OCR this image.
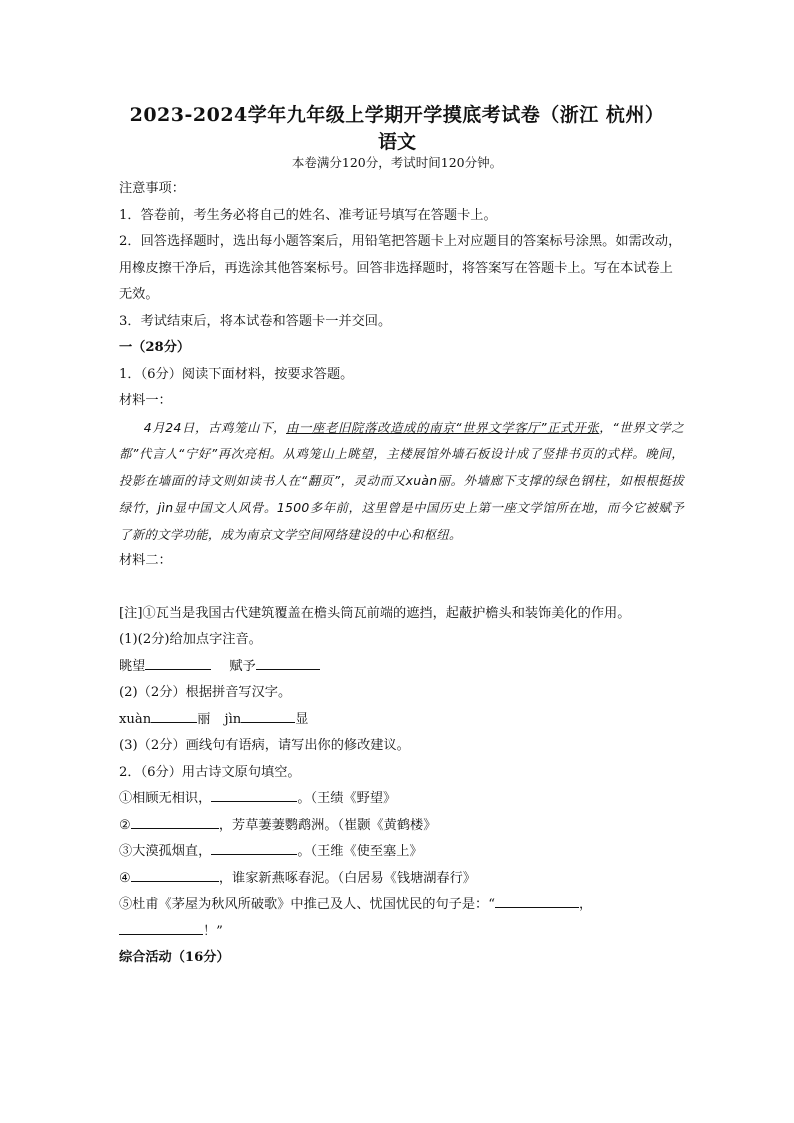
2023-2024学年九年级上学期开学摸底考试卷（浙江 杭州）
语文
本卷满分120分，考试时间120分钟。

注意事项：

1．答卷前，考生务必将自己的姓名、准考证号填写在答题卡上。

2．回答选择题时，选出每小题答案后，用铅笔把答题卡上对应题目的答案标号涂黑。如需改动，用橡皮擦干净后，再选涂其他答案标号。回答非选择题时，将答案写在答题卡上。写在本试卷上无效。

3．考试结束后，将本试卷和答题卡一并交回。

一（28分）

1．（6分）阅读下面材料，按要求答题。

材料一：

4月24日，古鸡笼山下，由一座老旧院落改造成的南京“世界文学客厅”正式开张，“世界文学之都”代言人“宁好”再次亮相。从鸡笼山上眺望，主楼展馆外墙石板设计成了竖排书页的式样。晚间，投影在墙面的诗文则如读书人在“翻页”，灵动而又xuàn丽。外墙廊下支撑的绿色钢柱，如根根挺拔绿竹，jìn显中国文人风骨。1500多年前，这里曾是中国历史上第一座文学馆所在地，而今它被赋予了新的文学功能，成为南京文学空间网络建设的中心和枢纽。

材料二：

[注]①瓦当是我国古代建筑覆盖在檐头筒瓦前端的遮挡，起蔽护檐头和装饰美化的作用。

(1)(2分)给加点字注音。

眺望	赋予

(2)（2分）根据拼音写汉字。

xuàn	丽 jìn	显

(3)（2分）画线句有语病，请写出你的修改建议。

2．（6分）用古诗文原句填空。

①相顾无相识，	。（王绩《野望》

②	，芳草萋萋鹦鹉洲。（崔颢《黄鹤楼》

③大漠孤烟直，	。（王维《使至塞上》

④	，谁家新燕啄春泥。（白居易《钱塘湖春行》

⑤杜甫《茅屋为秋风所破歌》中推己及人、忧国忧民的句子是：“	，

！”

综合活动（16分）
